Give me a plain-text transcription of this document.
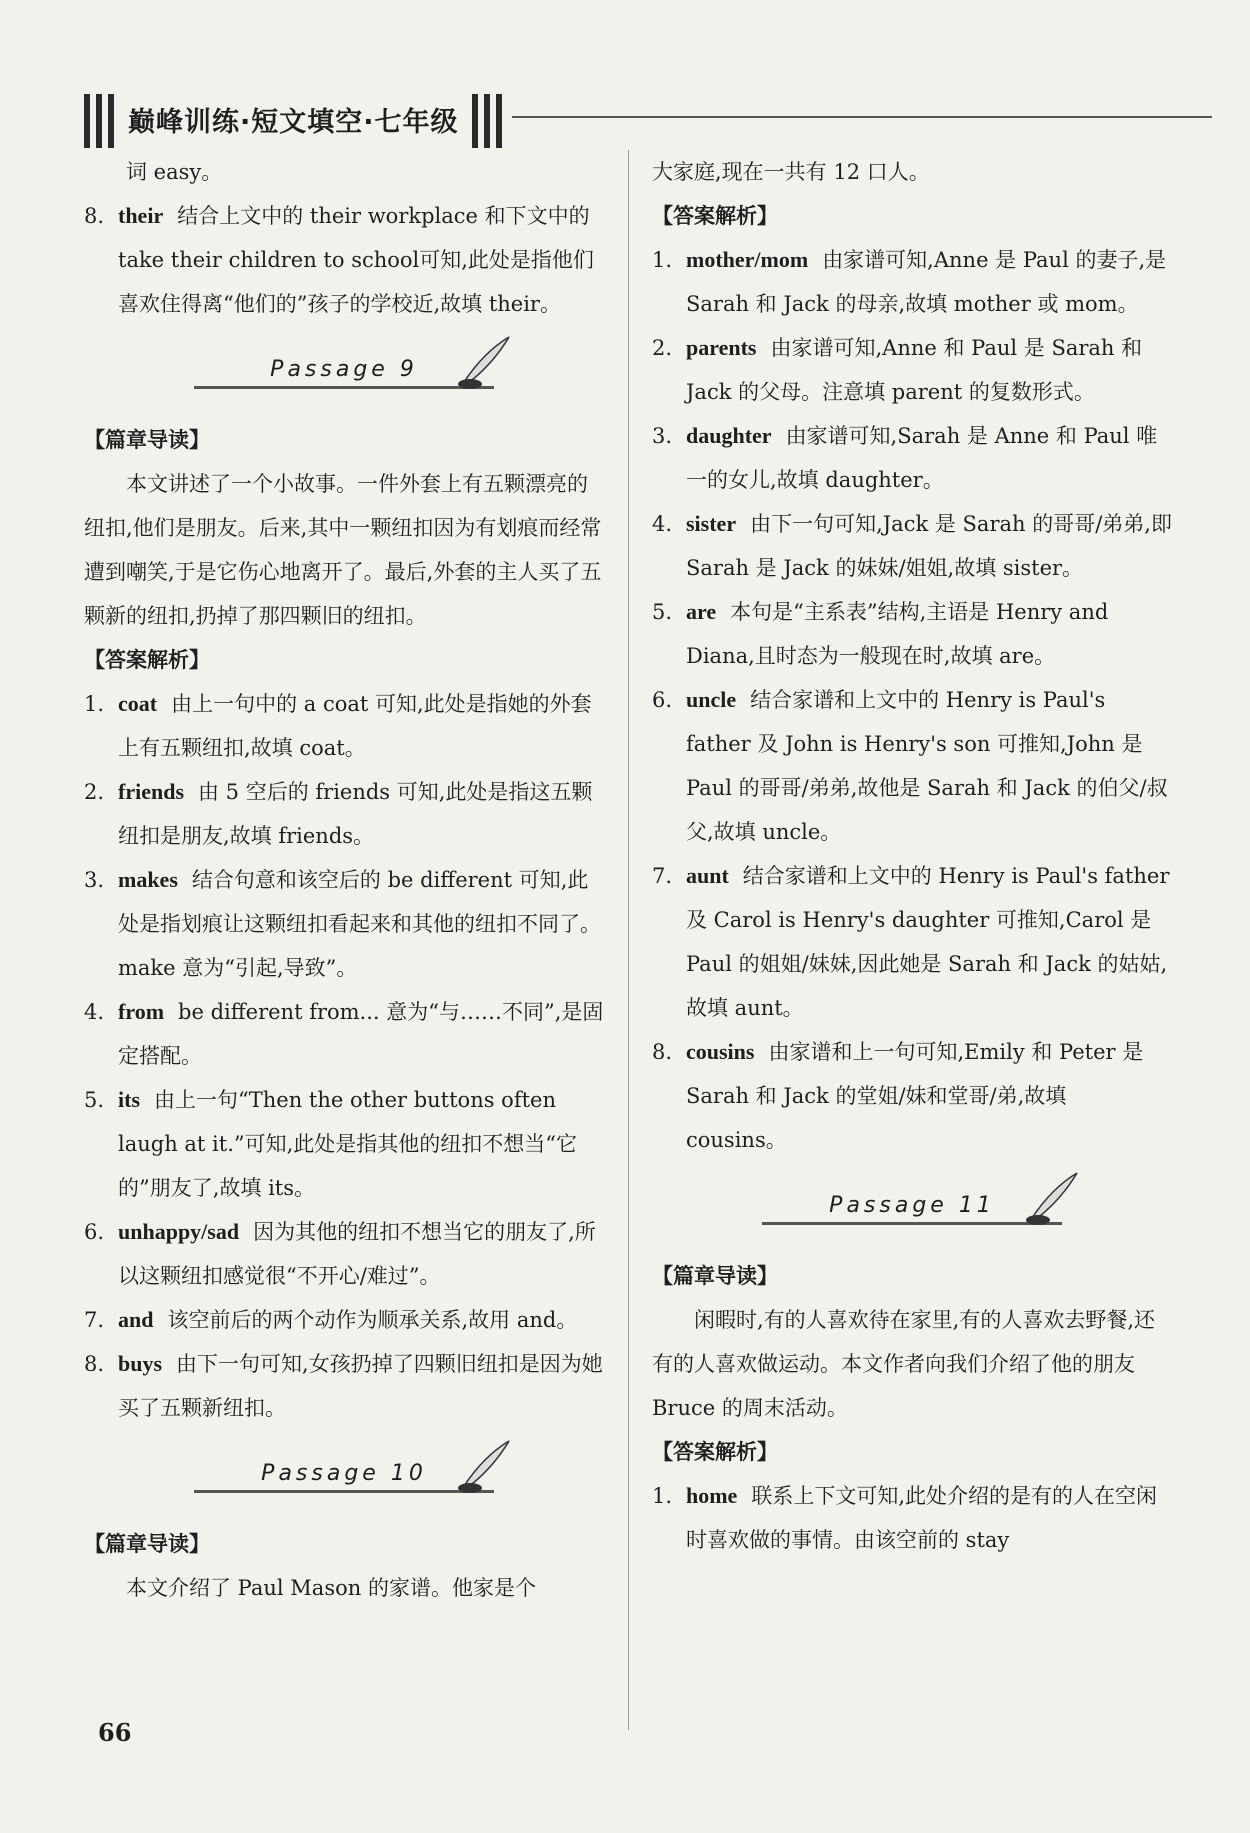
巅峰训练·短文填空·七年级

词 easy。

8. their 结合上文中的 their workplace 和下文中的 take their children to school可知,此处是指他们喜欢住得离“他们的”孩子的学校近,故填 their。
Passage 9

【篇章导读】

本文讲述了一个小故事。一件外套上有五颗漂亮的纽扣,他们是朋友。后来,其中一颗纽扣因为有划痕而经常遭到嘲笑,于是它伤心地离开了。最后,外套的主人买了五颗新的纽扣,扔掉了那四颗旧的纽扣。

【答案解析】

1. coat 由上一句中的 a coat 可知,此处是指她的外套上有五颗纽扣,故填 coat。
2. friends 由 5 空后的 friends 可知,此处是指这五颗纽扣是朋友,故填 friends。
3. makes 结合句意和该空后的 be different 可知,此处是指划痕让这颗纽扣看起来和其他的纽扣不同了。make 意为“引起,导致”。
4. from be different from... 意为“与……不同”,是固定搭配。
5. its 由上一句“Then the other buttons often laugh at it.”可知,此处是指其他的纽扣不想当“它的”朋友了,故填 its。
6. unhappy/sad 因为其他的纽扣不想当它的朋友了,所以这颗纽扣感觉很“不开心/难过”。
7. and 该空前后的两个动作为顺承关系,故用 and。
8. buys 由下一句可知,女孩扔掉了四颗旧纽扣是因为她买了五颗新纽扣。
Passage 10

【篇章导读】

本文介绍了 Paul Mason 的家谱。他家是个

大家庭,现在一共有 12 口人。

【答案解析】

1. mother/mom 由家谱可知,Anne 是 Paul 的妻子,是 Sarah 和 Jack 的母亲,故填 mother 或 mom。
2. parents 由家谱可知,Anne 和 Paul 是 Sarah 和 Jack 的父母。注意填 parent 的复数形式。
3. daughter 由家谱可知,Sarah 是 Anne 和 Paul 唯一的女儿,故填 daughter。
4. sister 由下一句可知,Jack 是 Sarah 的哥哥/弟弟,即 Sarah 是 Jack 的妹妹/姐姐,故填 sister。
5. are 本句是“主系表”结构,主语是 Henry and Diana,且时态为一般现在时,故填 are。
6. uncle 结合家谱和上文中的 Henry is Paul's father 及 John is Henry's son 可推知,John 是 Paul 的哥哥/弟弟,故他是 Sarah 和 Jack 的伯父/叔父,故填 uncle。
7. aunt 结合家谱和上文中的 Henry is Paul's father 及 Carol is Henry's daughter 可推知,Carol 是 Paul 的姐姐/妹妹,因此她是 Sarah 和 Jack 的姑姑,故填 aunt。
8. cousins 由家谱和上一句可知,Emily 和 Peter 是 Sarah 和 Jack 的堂姐/妹和堂哥/弟,故填 cousins。
Passage 11

【篇章导读】

闲暇时,有的人喜欢待在家里,有的人喜欢去野餐,还有的人喜欢做运动。本文作者向我们介绍了他的朋友 Bruce 的周末活动。

【答案解析】

1. home 联系上下文可知,此处介绍的是有的人在空闲时喜欢做的事情。由该空前的 stay
66
